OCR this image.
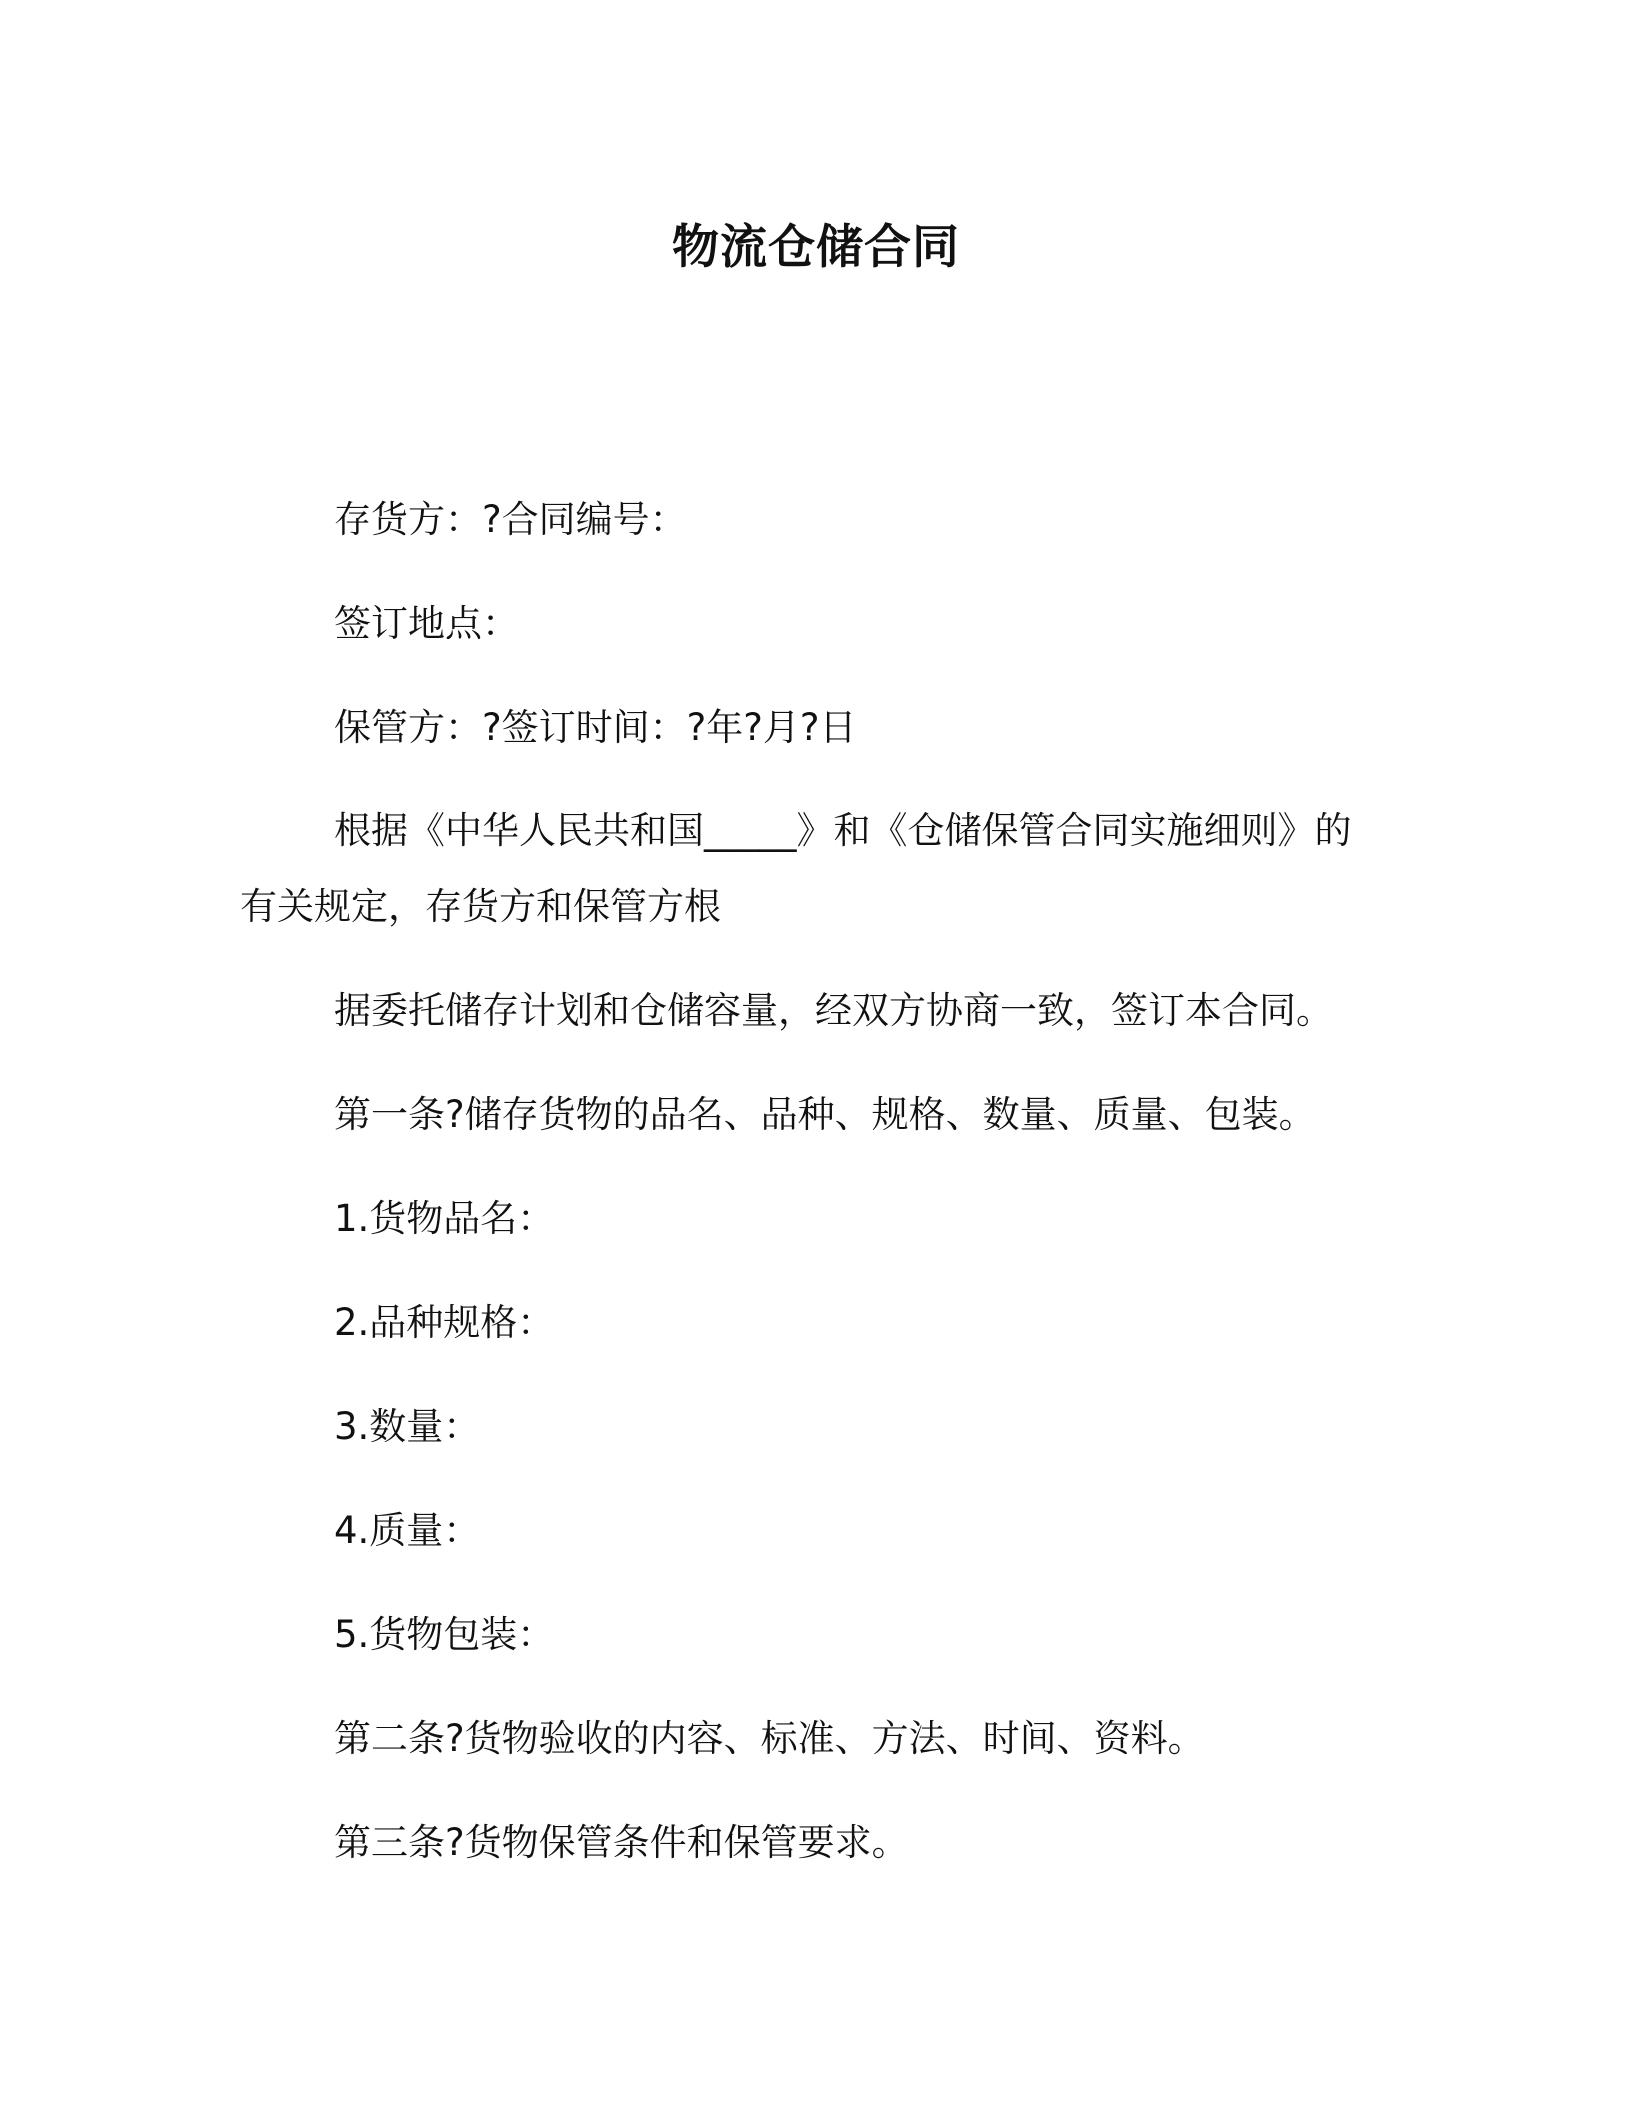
物流仓储合同
存货方：?合同编号：
签订地点：
保管方：?签订时间：?年?月?日
根据《中华人民共和国_____》和《仓储保管合同实施细则》的
有关规定，存货方和保管方根
据委托储存计划和仓储容量，经双方协商一致，签订本合同。
第一条?储存货物的品名、品种、规格、数量、质量、包装。
1.货物品名：
2.品种规格：
3.数量：
4.质量：
5.货物包装：
第二条?货物验收的内容、标准、方法、时间、资料。
第三条?货物保管条件和保管要求。
